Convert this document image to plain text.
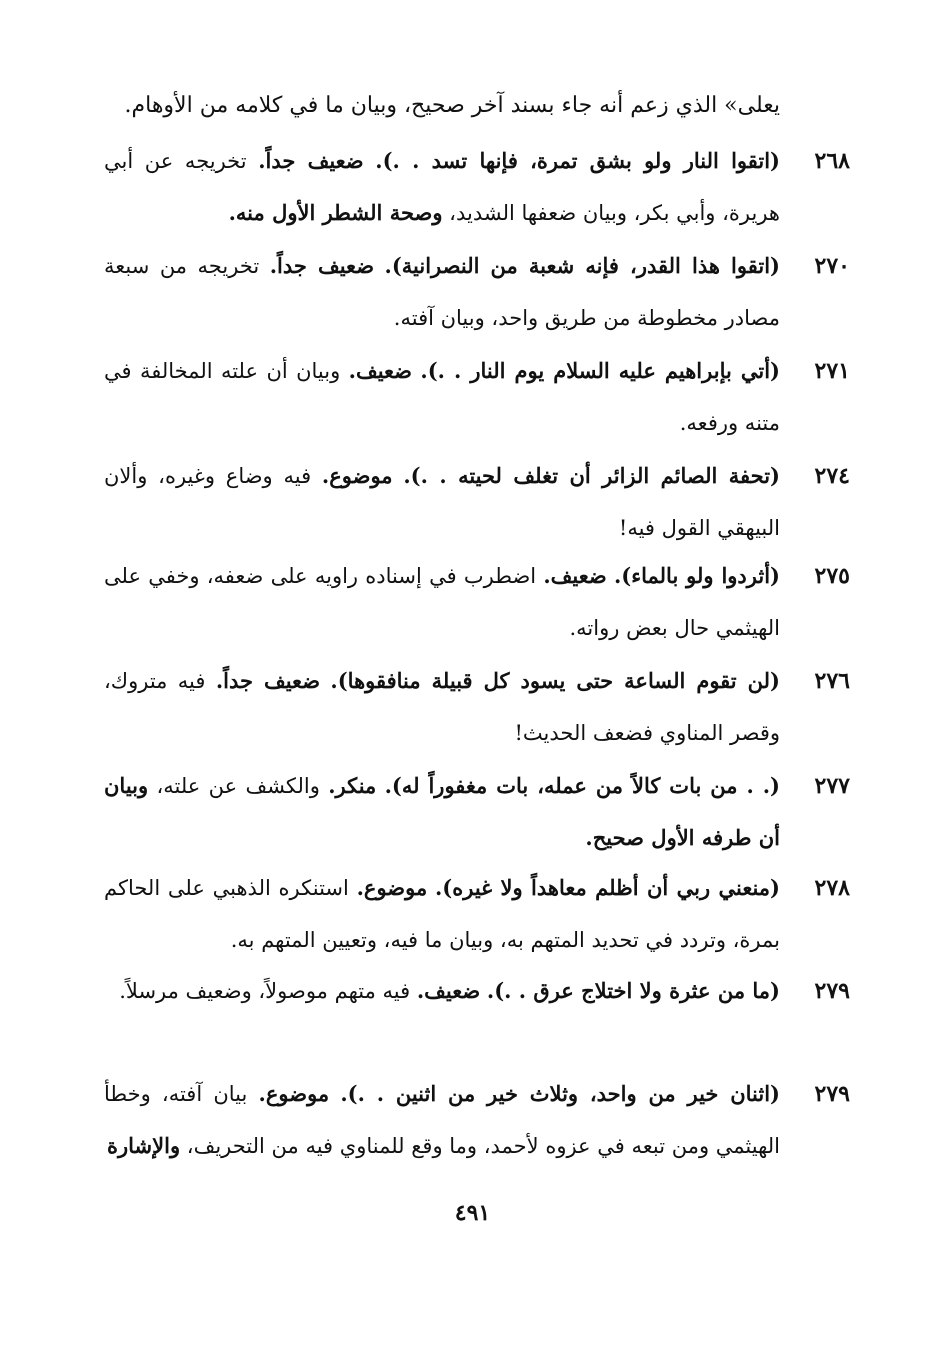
يعلى» الذي زعم أنه جاء بسند آخر صحيح، وبيان ما في كلامه من الأوهام.
٢٦٨
(اتقوا النار ولو بشق تمرة، فإنها تسد . .). ضعيف جداً. تخريجه عن أبي هريرة، وأبي بكر، وبيان ضعفها الشديد، وصحة الشطر الأول منه.
٢٧٠
(اتقوا هذا القدر، فإنه شعبة من النصرانية). ضعيف جداً. تخريجه من سبعة مصادر مخطوطة من طريق واحد، وبيان آفته.
٢٧١
(أتي بإبراهيم عليه السلام يوم النار . .). ضعيف. وبيان أن علته المخالفة في متنه ورفعه.
٢٧٤
(تحفة الصائم الزائر أن تغلف لحيته . .). موضوع. فيه وضاع وغيره، وألان البيهقي القول فيه!
٢٧٥
(أثردوا ولو بالماء). ضعيف. اضطرب في إسناده راويه على ضعفه، وخفي على الهيثمي حال بعض رواته.
٢٧٦
(لن تقوم الساعة حتى يسود كل قبيلة منافقوها). ضعيف جداً. فيه متروك، وقصر المناوي فضعف الحديث!
٢٧٧
(. . من بات كالاً من عمله، بات مغفوراً له). منكر. والكشف عن علته، وبيان أن طرفه الأول صحيح.
٢٧٨
(منعني ربي أن أظلم معاهداً ولا غيره). موضوع. استنكره الذهبي على الحاكم بمرة، وتردد في تحديد المتهم به، وبيان ما فيه، وتعيين المتهم به.
٢٧٩
(ما من عثرة ولا اختلاج عرق . .). ضعيف. فيه متهم موصولاً، وضعيف مرسلاً.
٢٧٩
(اثنان خير من واحد، وثلاث خير من اثنين . .). موضوع. بيان آفته، وخطأ الهيثمي ومن تبعه في عزوه لأحمد، وما وقع للمناوي فيه من التحريف، والإشارة
٤٩١
